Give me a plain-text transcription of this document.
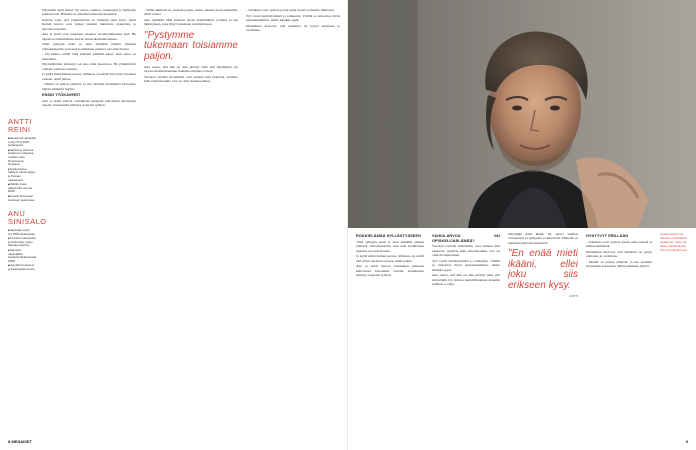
ANTTI REINI
■ Ravaspirat näyttelijä syntyi 27.8.1964 Helsingissä
■ Näytteli jo lukiossa teatteria tv-sarjassa, meidät muita Ruutimaa ja Norjassa.
■ Työskentelee Valtonlo Vanta-sarjan ja Kansan vastaavana.
■ Palkittu Jussi-palkinnolla vuonna 2008.
■ Kuvattu Hannesan Helsingin teatterissa.
ANU SINISALO
■ Näyttelijä syntyi 3.2.1963 Helsingissä
■ Tunnettu televisiosta ja elokuvista, kuten Saimaa-ohjelma.
■ Valmistui näyttelijäksi teatterikorkeakoulusta 1988.
■ Nykyään freelancer ja Helsingissä asuva.

Näyttelijä Antti Reini, 50, seisoo studion ovensuussa ja hymyilee pokkaavasti. Hänellä on edessään pitkä kuvauspäivä.

Kahvin vaan, että ympäristössä on tunnettu tuttu kuva. Antti Reinin kasvot ovat tulleet tutuiksi lukuisista elokuvista ja televisiosarjoista.

Anu ja Antti ovat tunteneet toisensa vuosikymmenten ajan. He tapasivat ensimmäisen kerran teatterikorkeakoulussa.

Tänä syksynä Antti ja Anu nähdään jälleen yhdessä valkokankaalla, kun uusi kotimainen elokuva saa ensi-iltansa.

- Oli hienoa tehdä töitä yhdessä pitkästä aikaa, Anu sanoo ja naurahtaa.

Näyttelijöiden yhteistyö on aina ollut luontevaa. He ymmärtävät toisiaan puolesta sanasta.

Ja kyllä minä haluan kertoa, millaista on tehdä tätä työtä vuodesta toiseen, Antti jatkaa.

- Meillä on paljon yhteistä, ja me olemme molemmat kasvaneet tämän ammatin myötä.

ENSIN TYÖKAVERIT

Anu ja Antti istuvat vastakkain pienessä kahvilassa kuvausten tauolla. Keskustelu kääntyy nopeasti työhön.

- Tämä ammatti on vaatinut paljon, mutta antanut vielä enemmän, Antti toteaa.

Anu nyökkää. Hän muistaa hyvin ensimmäiset roolinsa ja sen jännityksen, joka liittyi jokaiseen esiintymiseen.

"Pystymme tukemaan toisiamme paljon.

Anu sanoo, että hän on aina pitänyt siitä, että näyttelijän työ tarjoaa mahdollisuuden kokeilla erilaisia rooleja.

Vuosien varrella molemmat ovat tehneet niin elokuvia, teatteria kuin televisiotakin. Ura on ollut monipuolinen.

- Jokainen rooli opettaa jotain uutta itsestä ja muista ihmisistä.

Työ vaatii heittäytymistä ja rohkeutta. Välillä se tarkoittaa myös epäonnistumista, mutta siitäkin oppii.

Molemmat kertovat, että tärkeintä on pysyä uteliaana ja avoimena.

8 MENAISET
ROKKIELÄMÄÄ NYLLÄSTYSSEEN

Tänä syksynä Antti ja Anu nähdään jälleen yhdessä valkokankaalla, kun uusi kotimainen elokuva saa ensi-iltansa.

Ja kyllä minä haluan kertoa, millaista on tehdä tätä työtä vuodesta toiseen, Antti jatkaa.

Anu ja Antti istuvat vastakkain pienessä kahvilassa kuvausten tauolla. Keskustelu kääntyy nopeasti työhön.

VAHVA-ARVOA VAI OPISKELIJAELÄMÄÄ?

Vuosien varrella molemmat ovat tehneet niin elokuvia, teatteria kuin televisiotakin. Ura on ollut monipuolinen.

Työ vaatii heittäytymistä ja rohkeutta. Välillä se tarkoittaa myös epäonnistumista, mutta siitäkin oppii.

Anu sanoo, että hän on aina pitänyt siitä, että näyttelijän työ tarjoaa mahdollisuuden kokeilla erilaisia rooleja.

Näyttelijä Antti Reini, 50, seisoo studion ovensuussa ja hymyilee pokkaavasti. Hänellä on edessään pitkä kuvauspäivä.

"En enää mieti ikääni, ellei joku siis erikseen kysy.
ANTTI
HYNTYVYT ERILLÄÄN

- Jokainen rooli opettaa jotain uutta itsestä ja muista ihmisistä.

Molemmat kertovat, että tärkeintä on pysyä uteliaana ja avoimena.

- Meillä on paljon yhteistä, ja me olemme molemmat kasvaneet tämän ammatin myötä.

Koska molemmat olemme näyttelijöitä, tiedämme, miten työ tekee meistä lapsia, Anu ja Antti kertovat.
9
